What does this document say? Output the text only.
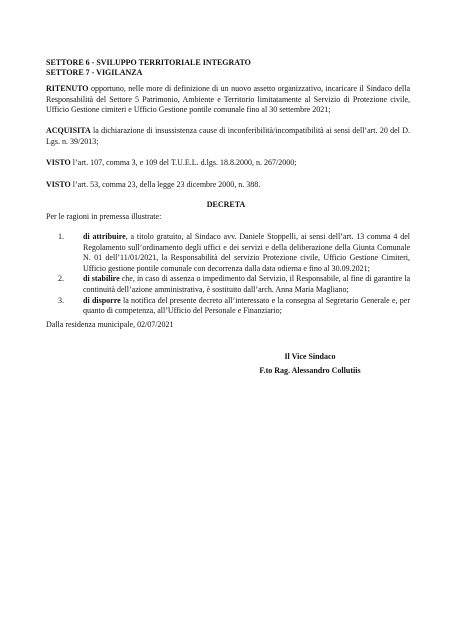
SETTORE 6 - SVILUPPO TERRITORIALE INTEGRATO
SETTORE 7 - VIGILANZA

RITENUTO opportuno, nelle more di definizione di un nuovo assetto organizzativo, incaricare il Sindaco della Responsabilità del Settore 5 Patrimonio, Ambiente e Territorio limitatamente al Servizio di Protezione civile, Ufficio Gestione cimiteri e Ufficio Gestione pontile comunale fino al 30 settembre 2021;

ACQUISITA la dichiarazione di insussistenza cause di inconferibilità/incompatibilità ai sensi dell’art. 20 del D. Lgs. n. 39/2013;

VISTO l’art. 107, comma 3, e 109 del T.U.E.L. d.lgs. 18.8.2000, n. 267/2000;

VISTO l’art. 53, comma 23, della legge 23 dicembre 2000, n. 388.

DECRETA

Per le ragioni in premessa illustrate:

1. di attribuire, a titolo gratuito, al Sindaco avv. Daniele Stoppelli, ai sensi dell’art. 13 comma 4 del Regolamento sull’ordinamento degli uffici e dei servizi e della deliberazione della Giunta Comunale N. 01 dell’11/01/2021, la Responsabilità del servizio Protezione civile, Ufficio Gestione Cimiteri, Ufficio gestione pontile comunale con decorrenza dalla data odierna e fino al 30.09.2021;
2. di stabilire che, in caso di assenza o impedimento dal Servizio, il Responsabile, al fine di garantire la continuità dell’azione amministrativa, è sostituito dall’arch. Anna Maria Magliano;
3. di disporre la notifica del presente decreto all’interessato e la consegna al Segretario Generale e, per quanto di competenza, all’Ufficio del Personale e Finanziario;

Dalla residenza municipale, 02/07/2021

Il Vice Sindaco
F.to Rag. Alessandro Collutiis
